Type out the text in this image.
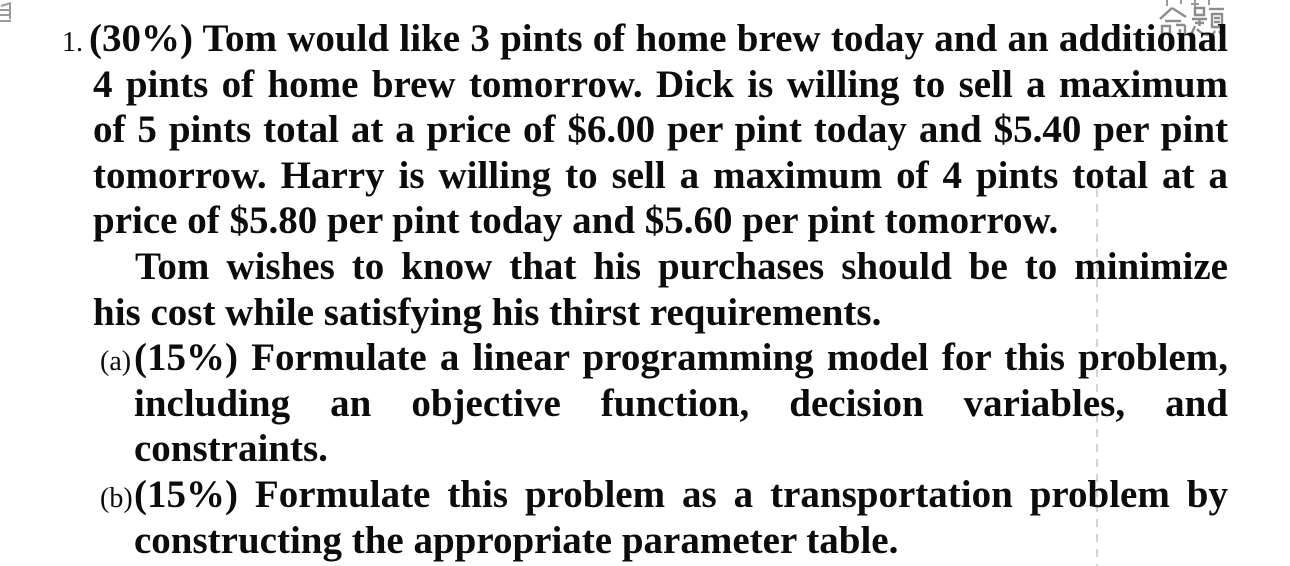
1. (30%) Tom would like 3 pints of home brew today and an additional
4 pints of home brew tomorrow. Dick is willing to sell a maximum
of 5 pints total at a price of $6.00 per pint today and $5.40 per pint
tomorrow. Harry is willing to sell a maximum of 4 pints total at a
price of $5.80 per pint today and $5.60 per pint tomorrow.
Tom wishes to know that his purchases should be to minimize
his cost while satisfying his thirst requirements.
(a) (15%) Formulate a linear programming model for this problem,
including an objective function, decision variables, and
constraints.
(b) (15%) Formulate this problem as a transportation problem by
constructing the appropriate parameter table.
